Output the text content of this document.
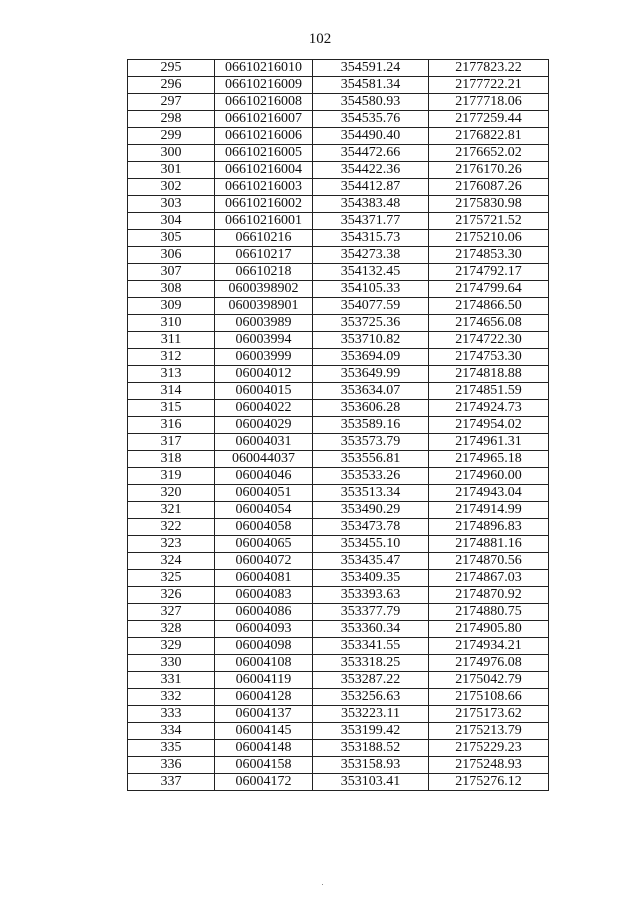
102
295	06610216010	354591.24	2177823.22
296	06610216009	354581.34	2177722.21
297	06610216008	354580.93	2177718.06
298	06610216007	354535.76	2177259.44
299	06610216006	354490.40	2176822.81
300	06610216005	354472.66	2176652.02
301	06610216004	354422.36	2176170.26
302	06610216003	354412.87	2176087.26
303	06610216002	354383.48	2175830.98
304	06610216001	354371.77	2175721.52
305	06610216	354315.73	2175210.06
306	06610217	354273.38	2174853.30
307	06610218	354132.45	2174792.17
308	0600398902	354105.33	2174799.64
309	0600398901	354077.59	2174866.50
310	06003989	353725.36	2174656.08
311	06003994	353710.82	2174722.30
312	06003999	353694.09	2174753.30
313	06004012	353649.99	2174818.88
314	06004015	353634.07	2174851.59
315	06004022	353606.28	2174924.73
316	06004029	353589.16	2174954.02
317	06004031	353573.79	2174961.31
318	060044037	353556.81	2174965.18
319	06004046	353533.26	2174960.00
320	06004051	353513.34	2174943.04
321	06004054	353490.29	2174914.99
322	06004058	353473.78	2174896.83
323	06004065	353455.10	2174881.16
324	06004072	353435.47	2174870.56
325	06004081	353409.35	2174867.03
326	06004083	353393.63	2174870.92
327	06004086	353377.79	2174880.75
328	06004093	353360.34	2174905.80
329	06004098	353341.55	2174934.21
330	06004108	353318.25	2174976.08
331	06004119	353287.22	2175042.79
332	06004128	353256.63	2175108.66
333	06004137	353223.11	2175173.62
334	06004145	353199.42	2175213.79
335	06004148	353188.52	2175229.23
336	06004158	353158.93	2175248.93
337	06004172	353103.41	2175276.12
